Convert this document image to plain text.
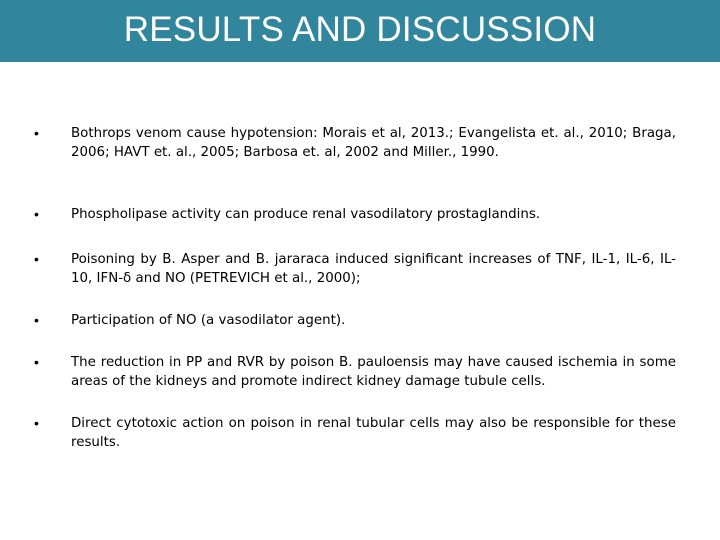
RESULTS AND DISCUSSION
• Bothrops venom cause hypotension: Morais et al, 2013.; Evangelista et. al., 2010; Braga, 2006; HAVT et. al., 2005; Barbosa et. al, 2002 and Miller., 1990.
• Phospholipase activity can produce renal vasodilatory prostaglandins.
• Poisoning by B. Asper and B. jararaca induced significant increases of TNF, IL-1, IL-6, IL-10, IFN-δ and NO (PETREVICH et al., 2000);
• Participation of NO (a vasodilator agent).
• The reduction in PP and RVR by poison B. pauloensis may have caused ischemia in some areas of the kidneys and promote indirect kidney damage tubule cells.
• Direct cytotoxic action on poison in renal tubular cells may also be responsible for these results.
